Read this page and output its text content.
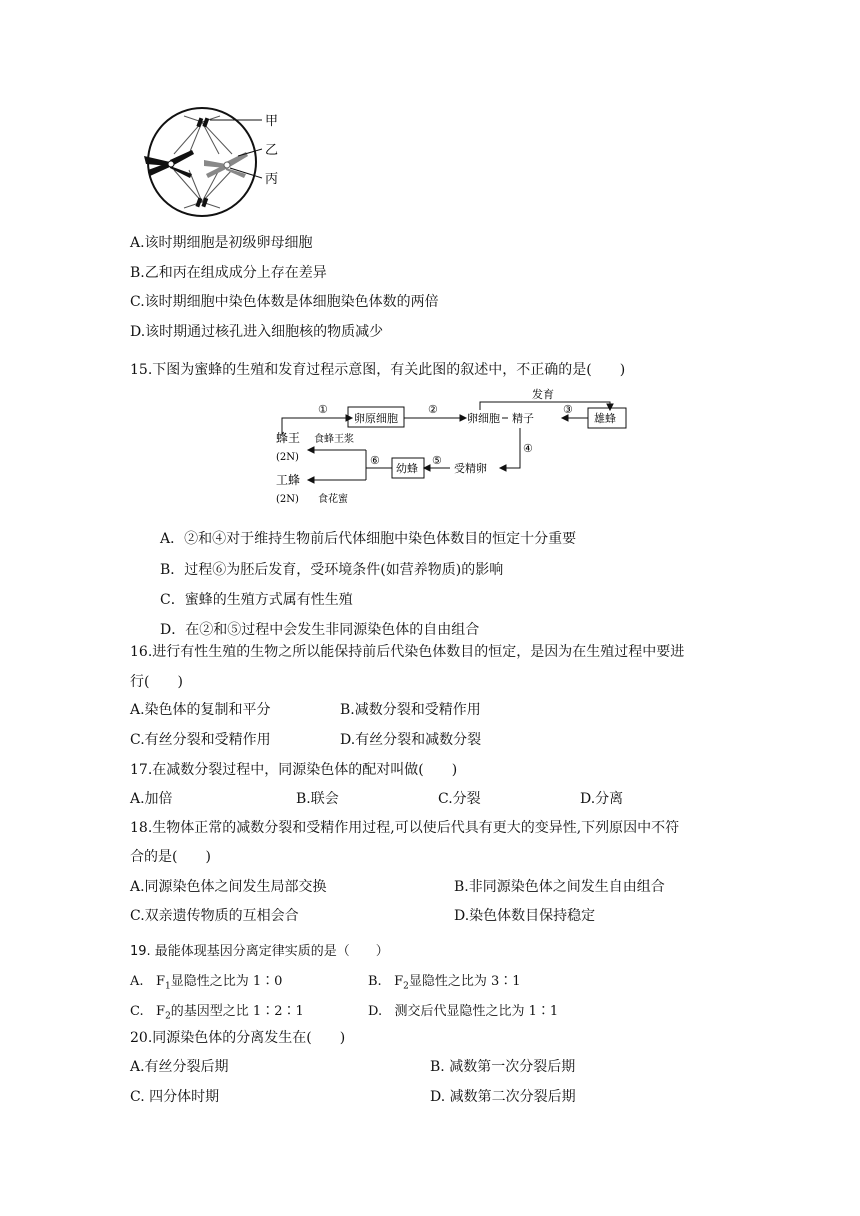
甲
乙
丙
A.该时期细胞是初级卵母细胞
B.乙和丙在组成成分上存在差异
C.该时期细胞中染色体数是体细胞染色体数的两倍
D.该时期通过核孔进入细胞核的物质减少
15.下图为蜜蜂的生殖和发育过程示意图，有关此图的叙述中，不正确的是(　　)
①
卵原细胞
②
卵细胞
发育
精子
③
雄蜂
④
受精卵
⑤
幼蜂
⑥
蜂王 食蜂王浆
(2N)
工蜂
(2N) 食花蜜
A．②和④对于维持生物前后代体细胞中染色体数目的恒定十分重要
B．过程⑥为胚后发育，受环境条件(如营养物质)的影响
C．蜜蜂的生殖方式属有性生殖
D．在②和⑤过程中会发生非同源染色体的自由组合
16.进行有性生殖的生物之所以能保持前后代染色体数目的恒定，是因为在生殖过程中要进
行(　　)
A.染色体的复制和平分	B.减数分裂和受精作用
C.有丝分裂和受精作用	D.有丝分裂和减数分裂
17.在减数分裂过程中，同源染色体的配对叫做(　　)
A.加倍	B.联会	C.分裂	D.分离
18.生物体正常的减数分裂和受精作用过程,可以使后代具有更大的变异性,下列原因中不符
合的是(　　)
A.同源染色体之间发生局部交换	B.非同源染色体之间发生自由组合
C.双亲遗传物质的互相会合	D.染色体数目保持稳定
19. 最能体现基因分离定律实质的是（　　）
A. $F_1$显隐性之比为 1∶0	B. $F_2$显隐性之比为 3∶1
C. $F_2$的基因型之比 1∶2∶1	D. 测交后代显隐性之比为 1∶1
20.同源染色体的分离发生在(　　)
A.有丝分裂后期	B. 减数第一次分裂后期
C. 四分体时期	D. 减数第二次分裂后期
